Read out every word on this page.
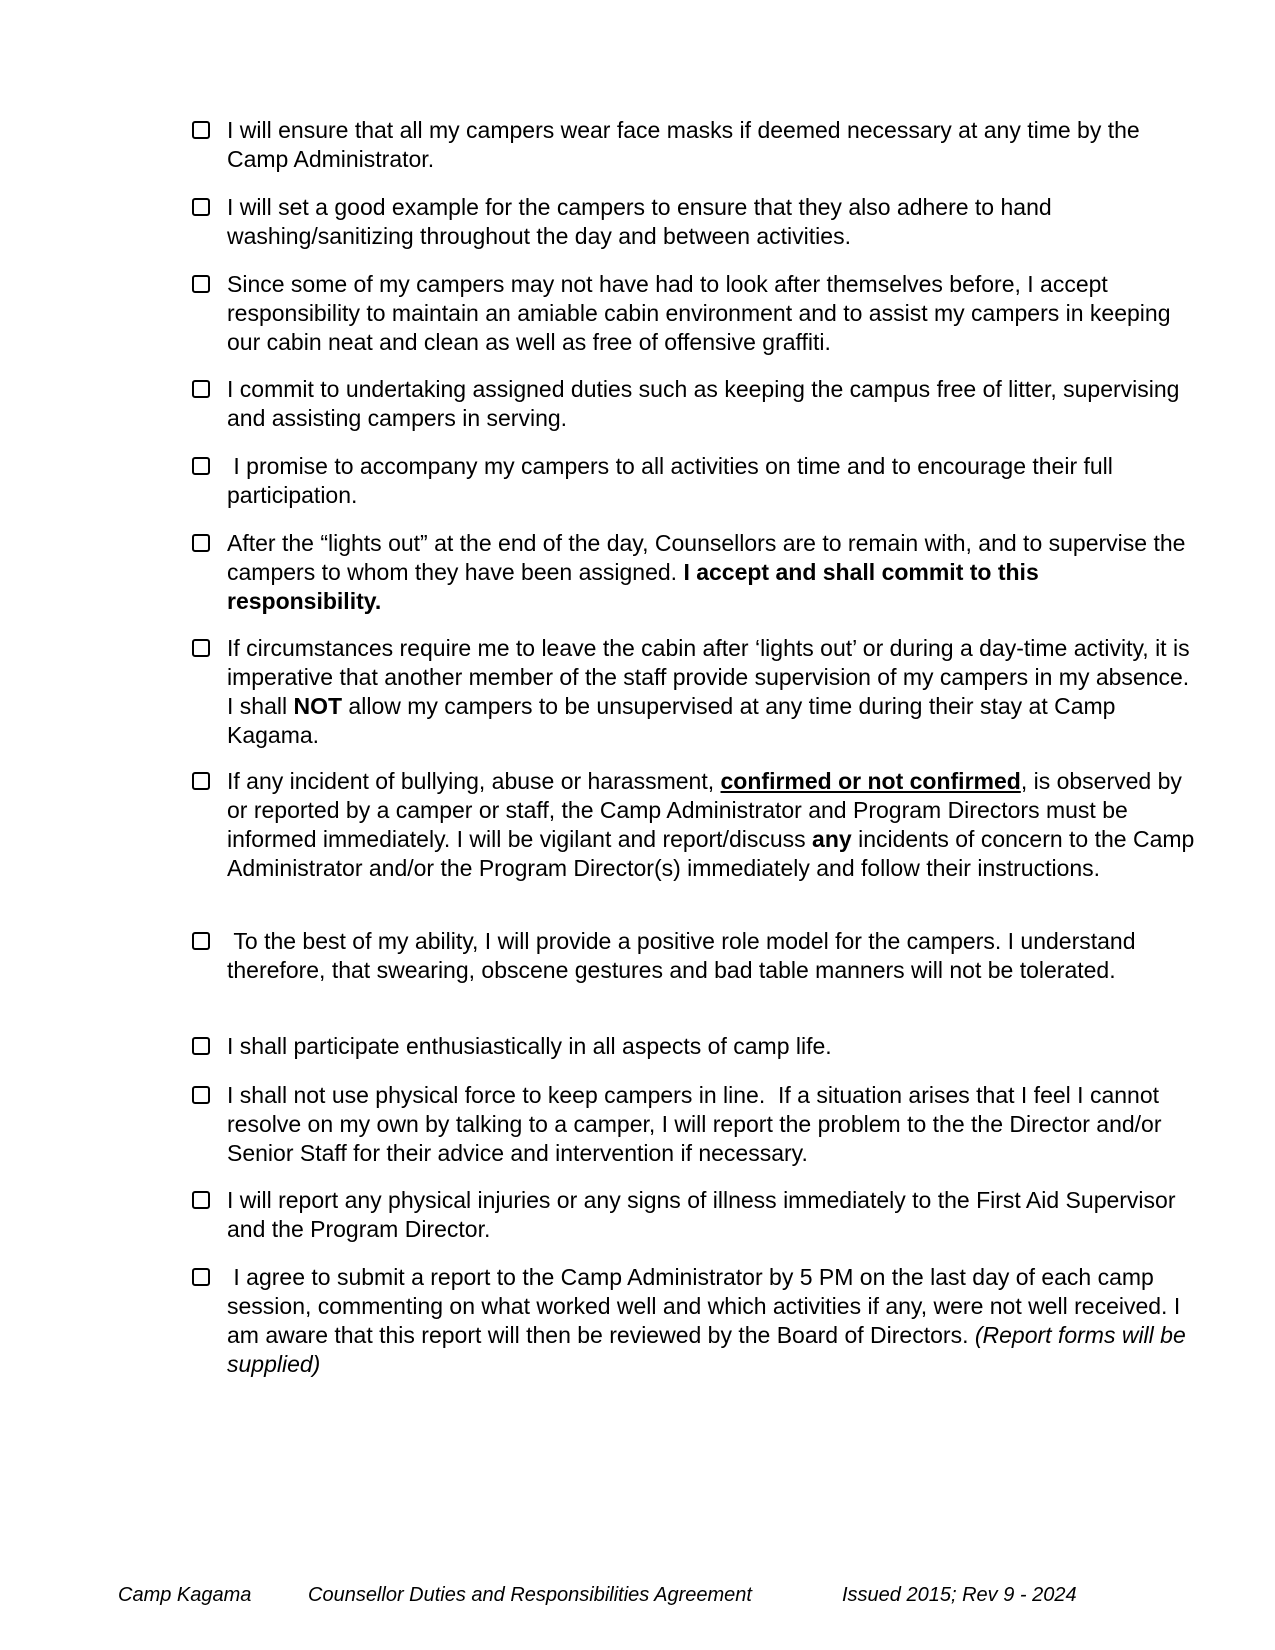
I will ensure that all my campers wear face masks if deemed necessary at any time by the Camp Administrator.
I will set a good example for the campers to ensure that they also adhere to hand washing/sanitizing throughout the day and between activities.
Since some of my campers may not have had to look after themselves before, I accept responsibility to maintain an amiable cabin environment and to assist my campers in keeping our cabin neat and clean as well as free of offensive graffiti.
I commit to undertaking assigned duties such as keeping the campus free of litter, supervising and assisting campers in serving.
I promise to accompany my campers to all activities on time and to encourage their full participation.
After the “lights out” at the end of the day, Counsellors are to remain with, and to supervise the campers to whom they have been assigned. I accept and shall commit to this responsibility.
If circumstances require me to leave the cabin after ‘lights out’ or during a day-time activity, it is imperative that another member of the staff provide supervision of my campers in my absence. I shall NOT allow my campers to be unsupervised at any time during their stay at Camp Kagama.
If any incident of bullying, abuse or harassment, confirmed or not confirmed, is observed by or reported by a camper or staff, the Camp Administrator and Program Directors must be informed immediately. I will be vigilant and report/discuss any incidents of concern to the Camp Administrator and/or the Program Director(s) immediately and follow their instructions.
To the best of my ability, I will provide a positive role model for the campers. I understand therefore, that swearing, obscene gestures and bad table manners will not be tolerated.
I shall participate enthusiastically in all aspects of camp life.
I shall not use physical force to keep campers in line.  If a situation arises that I feel I cannot resolve on my own by talking to a camper, I will report the problem to the the Director and/or Senior Staff for their advice and intervention if necessary.
I will report any physical injuries or any signs of illness immediately to the First Aid Supervisor and the Program Director.
I agree to submit a report to the Camp Administrator by 5 PM on the last day of each camp session, commenting on what worked well and which activities if any, were not well received. I am aware that this report will then be reviewed by the Board of Directors. (Report forms will be supplied)
Camp Kagama	Counsellor Duties and Responsibilities Agreement	Issued 2015; Rev 9 - 2024
